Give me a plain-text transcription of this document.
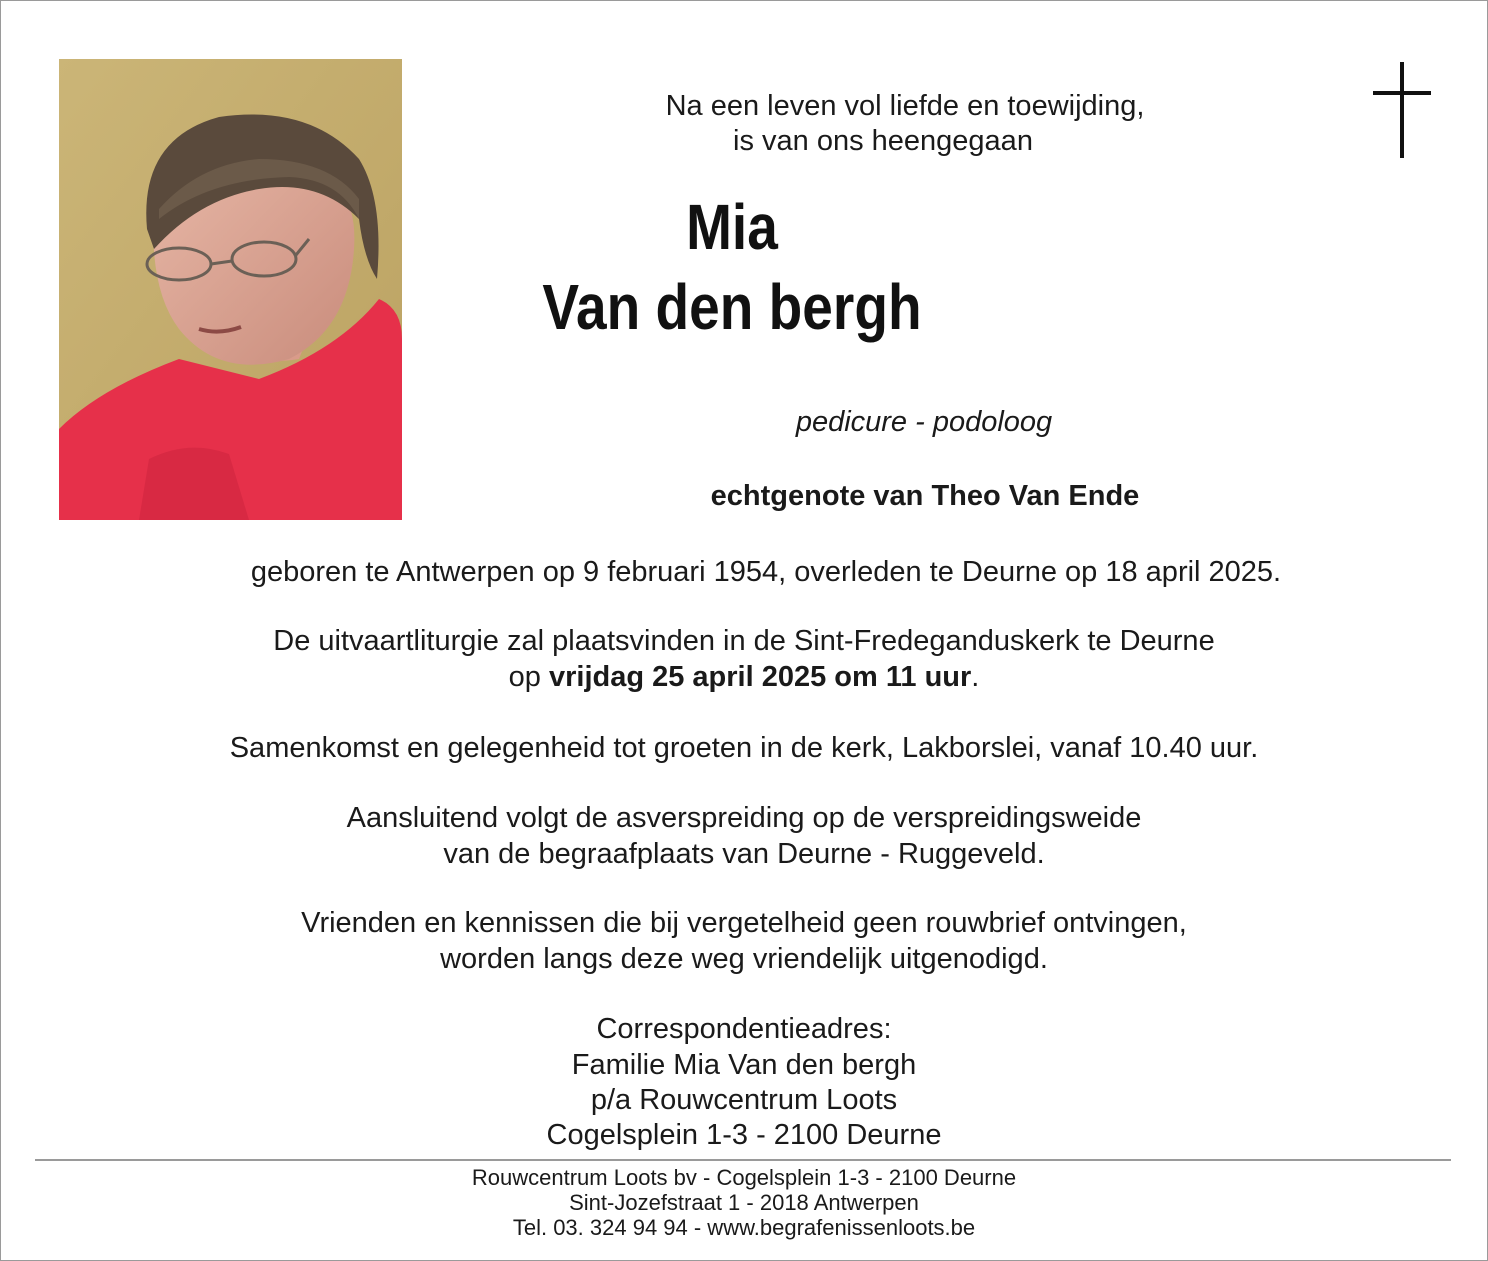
Na een leven vol liefde en toewijding,
is van ons heengegaan
Mia
Van den bergh
pedicure - podoloog
echtgenote van Theo Van Ende
geboren te Antwerpen op 9 februari 1954, overleden te Deurne op 18 april 2025.
De uitvaartliturgie zal plaatsvinden in de Sint-Fredeganduskerk te Deurne
op vrijdag 25 april 2025 om 11 uur.
Samenkomst en gelegenheid tot groeten in de kerk, Lakborslei, vanaf 10.40 uur.
Aansluitend volgt de asverspreiding op de verspreidingsweide
van de begraafplaats van Deurne - Ruggeveld.
Vrienden en kennissen die bij vergetelheid geen rouwbrief ontvingen,
worden langs deze weg vriendelijk uitgenodigd.
Correspondentieadres:
Familie Mia Van den bergh
p/a Rouwcentrum Loots
Cogelsplein 1-3 - 2100 Deurne
Rouwcentrum Loots bv - Cogelsplein 1-3 - 2100 Deurne
Sint-Jozefstraat 1 - 2018 Antwerpen
Tel. 03. 324 94 94 - www.begrafenissenloots.be
